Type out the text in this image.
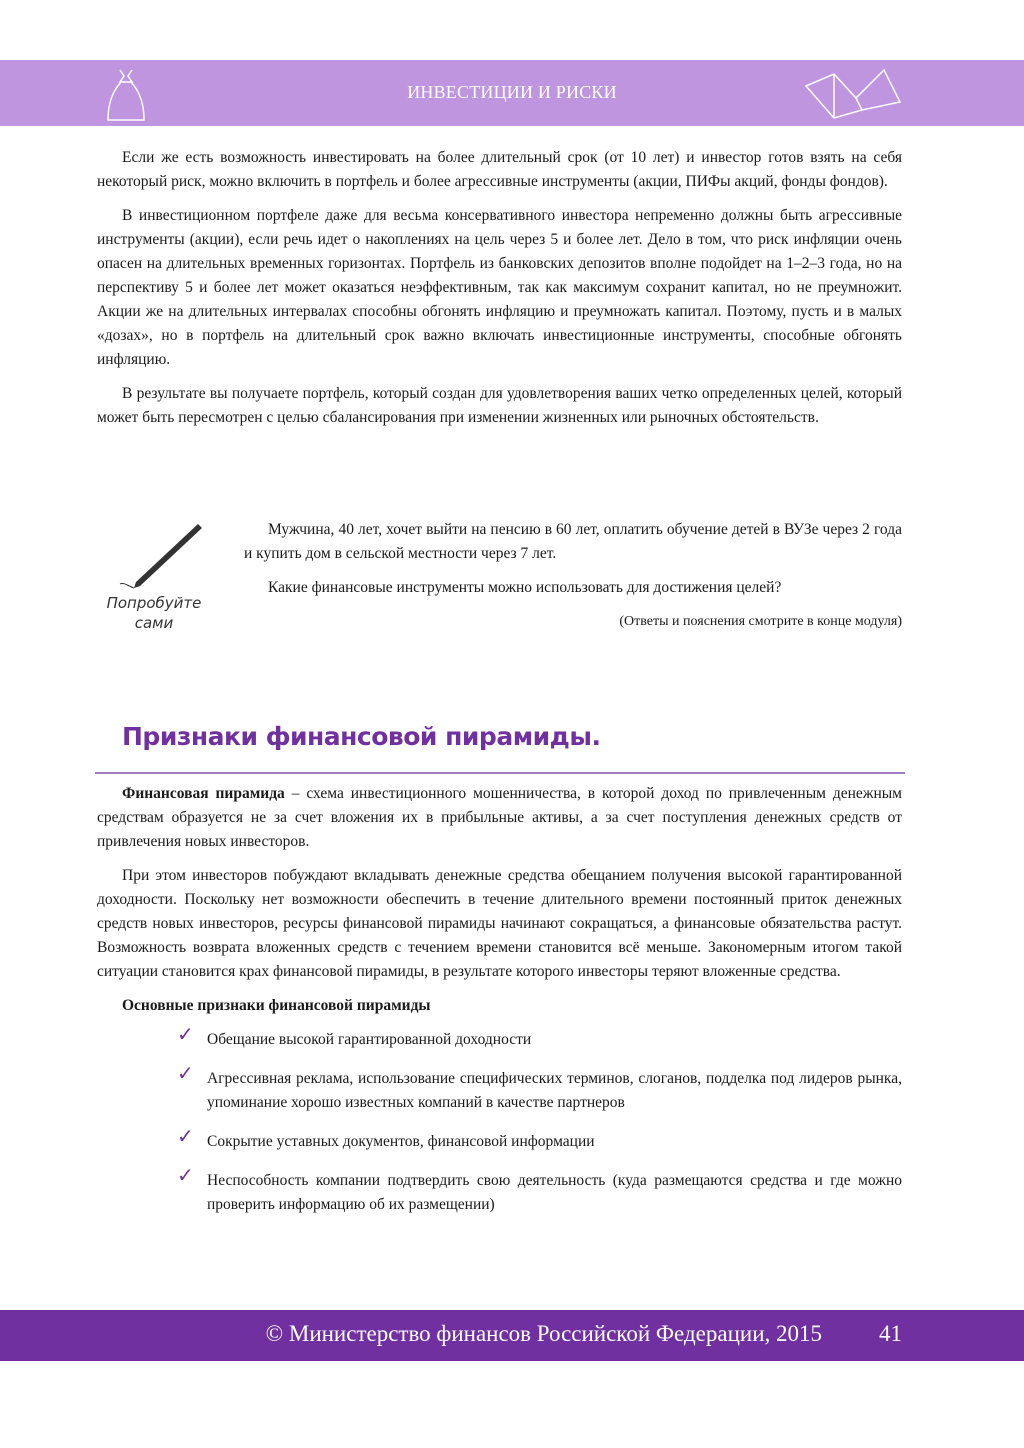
ИНВЕСТИЦИИ И РИСКИ

Если же есть возможность инвестировать на более длительный срок (от 10 лет) и инвестор готов взять на себя некоторый риск, можно включить в портфель и более агрессивные инструменты (акции, ПИФы акций, фонды фондов).

В инвестиционном портфеле даже для весьма консервативного инвестора непременно должны быть агрессивные инструменты (акции), если речь идет о накоплениях на цель через 5 и более лет. Дело в том, что риск инфляции очень опасен на длительных временных горизонтах. Портфель из банковских депозитов вполне подойдет на 1–2–3 года, но на перспективу 5 и более лет может оказаться неэффективным, так как максимум сохранит капитал, но не преумножит. Акции же на длительных интервалах способны обгонять инфляцию и преумножать капитал. Поэтому, пусть и в малых «дозах», но в портфель на длительный срок важно включать инвестиционные инструменты, способные обгонять инфляцию.

В результате вы получаете портфель, который создан для удовлетворения ваших четко определенных целей, который может быть пересмотрен с целью сбалансирования при изменении жизненных или рыночных обстоятельств.

Попробуйте сами

Мужчина, 40 лет, хочет выйти на пенсию в 60 лет, оплатить обучение детей в ВУЗе через 2 года и купить дом в сельской местности через 7 лет.

Какие финансовые инструменты можно использовать для достижения целей?

(Ответы и пояснения смотрите в конце модуля)

Признаки финансовой пирамиды.

Финансовая пирамида – схема инвестиционного мошенничества, в которой доход по привлеченным денежным средствам образуется не за счет вложения их в прибыльные активы, а за счет поступления денежных средств от привлечения новых инвесторов.

При этом инвесторов побуждают вкладывать денежные средства обещанием получения высокой гарантированной доходности. Поскольку нет возможности обеспечить в течение длительного времени постоянный приток денежных средств новых инвесторов, ресурсы финансовой пирамиды начинают сокращаться, а финансовые обязательства растут. Возможность возврата вложенных средств с течением времени становится всё меньше. Закономерным итогом такой ситуации становится крах финансовой пирамиды, в результате которого инвесторы теряют вложенные средства.

Основные признаки финансовой пирамиды

✓ Обещание высокой гарантированной доходности
✓ Агрессивная реклама, использование специфических терминов, слоганов, подделка под лидеров рынка, упоминание хорошо известных компаний в качестве партнеров
✓ Сокрытие уставных документов, финансовой информации
✓ Неспособность компании подтвердить свою деятельность (куда размещаются средства и где можно проверить информацию об их размещении)
© Министерство финансов Российской Федерации, 2015 41
